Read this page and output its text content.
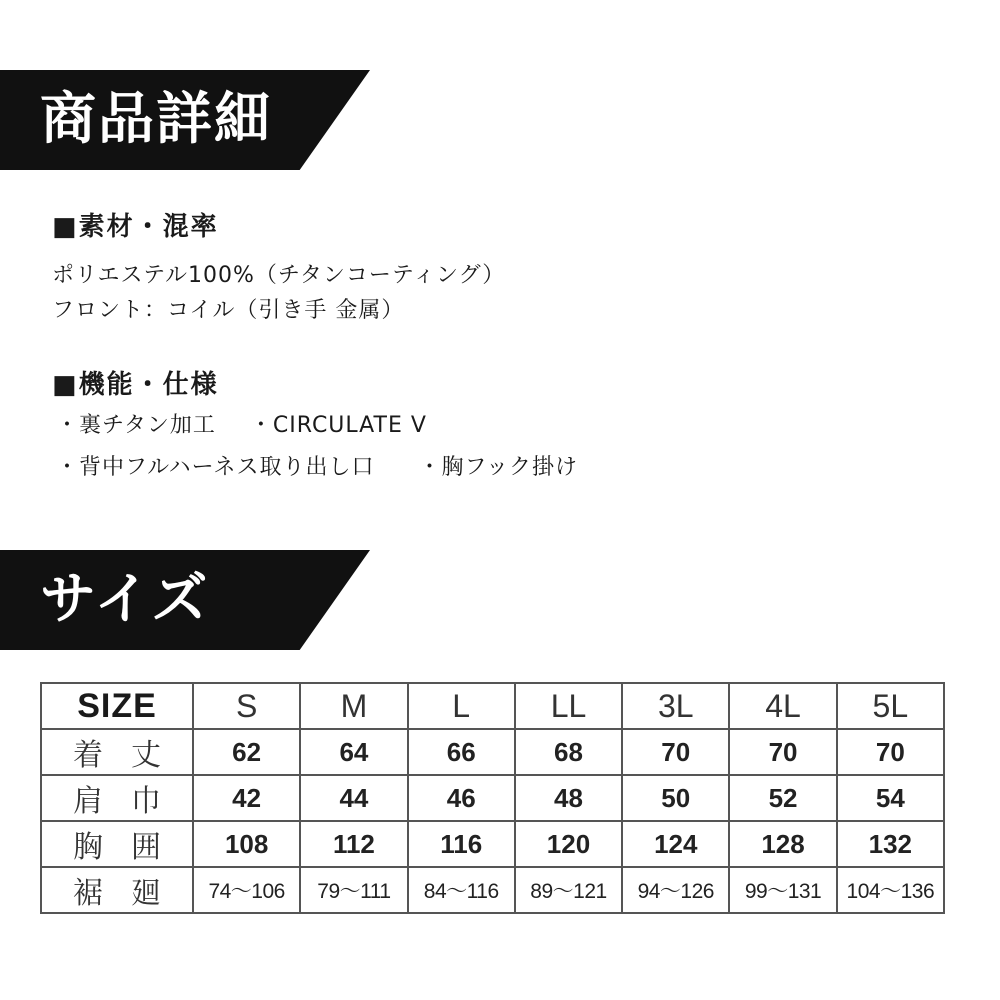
商品詳細
■素材・混率
ポリエステル100%（チタンコーティング）
フロント：コイル（引き手 金属）
■機能・仕様
・裏チタン加工 ・CIRCULATE V
・背中フルハーネス取り出し口 ・胸フック掛け
サイズ
SIZE	S	M	L	LL	3L	4L	5L
着丈	62	64	66	68	70	70	70
肩巾	42	44	46	48	50	52	54
胸囲	108	112	116	120	124	128	132
裾廻	74～106	79～111	84～116	89～121	94～126	99～131	104～136
